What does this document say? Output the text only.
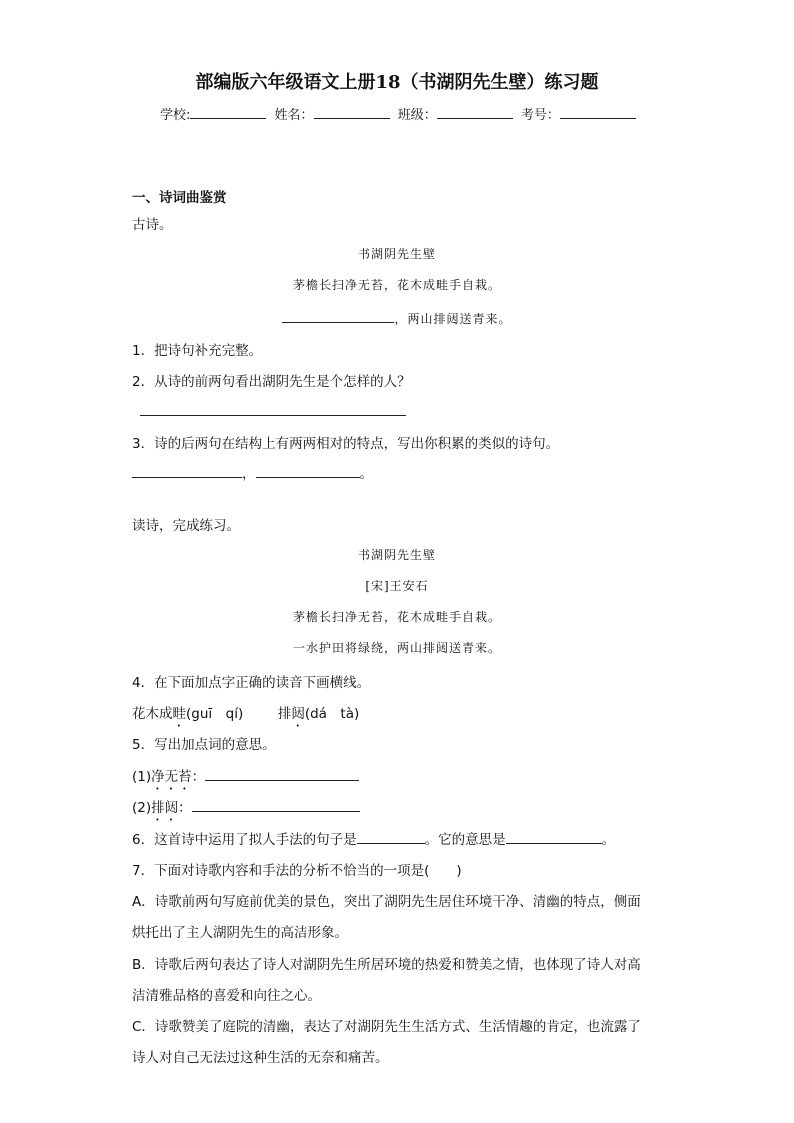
部编版六年级语文上册18（书湖阴先生壁）练习题
学校:	姓名：	班级：	考号：
一、诗词曲鉴赏
古诗。
书湖阴先生壁
茅檐长扫净无苔，花木成畦手自栽。
，两山排闼送青来。
1．把诗句补充完整。
2．从诗的前两句看出湖阴先生是个怎样的人？
3．诗的后两句在结构上有两两相对的特点，写出你积累的类似的诗句。
，	。
读诗，完成练习。
书湖阴先生壁
[宋]王安石
茅檐长扫净无苔，花木成畦手自栽。
一水护田将绿绕，两山排闼送青来。
4．在下面加点字正确的读音下画横线。
花木成畦(guī　qí)	排闼(dá　tà)
5．写出加点词的意思。
(1)净无苔：
(2)排闼：
6．这首诗中运用了拟人手法的句子是	。它的意思是	。
7．下面对诗歌内容和手法的分析不恰当的一项是(　　)
A．诗歌前两句写庭前优美的景色，突出了湖阴先生居住环境干净、清幽的特点，侧面
烘托出了主人湖阴先生的高洁形象。
B．诗歌后两句表达了诗人对湖阴先生所居环境的热爱和赞美之情，也体现了诗人对高
洁清雅品格的喜爱和向往之心。
C．诗歌赞美了庭院的清幽，表达了对湖阴先生生活方式、生活情趣的肯定，也流露了
诗人对自己无法过这种生活的无奈和痛苦。
